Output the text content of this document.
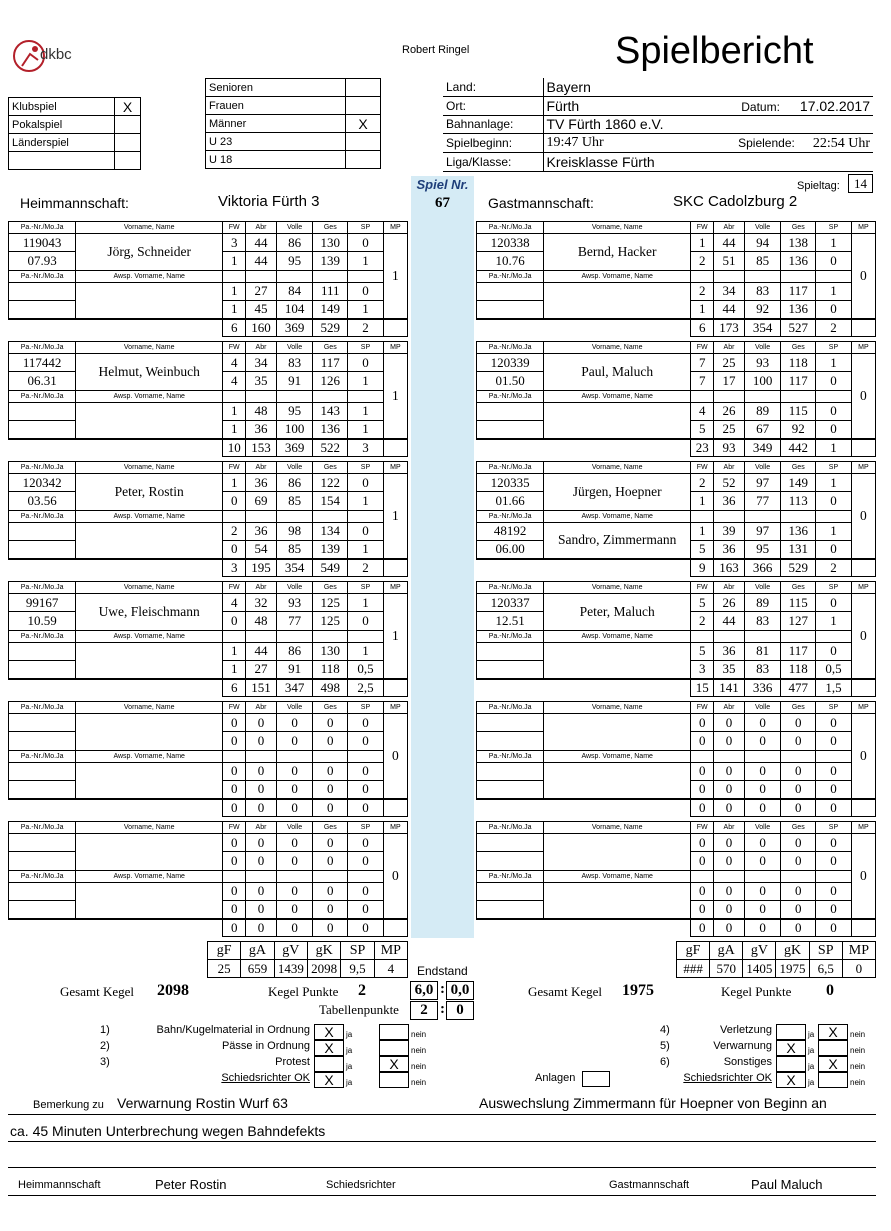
dkbc	Robert Ringel	Spielbericht
Klubspiel	X
Pokalspiel	
Länderspiel	

Senioren	
Frauen	
Männer	X
U 23	
U 18	
Land:	Bayern	
Ort:	Fürth	Datum: 17.02.2017
Bahnanlage:	TV Fürth 1860 e.V.	
Spielbeginn:	19:47 Uhr	Spielende: 22:54 Uhr
Liga/Klasse:	Kreisklasse Fürth	
Spiel Nr.
67
Heimmannschaft:	Viktoria Fürth 3	Gastmannschaft:	SKC Cadolzburg 2
Spieltag:	14
Pa.-Nr./Mo.Ja	Vorname, Name	FW	Abr	Volle	Ges	SP	MP
119043	Jörg, Schneider	3	44	86	130	0	1
07.93		1	44	95	139	1	
Pa.-Nr./Mo.Ja	Awsp. Vorname, Name						
		1	27	84	111	0	
		1	45	104	149	1	
		6	160	369	529	2	
Pa.-Nr./Mo.Ja	Vorname, Name	FW	Abr	Volle	Ges	SP	MP
117442	Helmut, Weinbuch	4	34	83	117	0	1
06.31		4	35	91	126	1	
Pa.-Nr./Mo.Ja	Awsp. Vorname, Name						
		1	48	95	143	1	
		1	36	100	136	1	
		10	153	369	522	3	
Pa.-Nr./Mo.Ja	Vorname, Name	FW	Abr	Volle	Ges	SP	MP
120342	Peter, Rostin	1	36	86	122	0	1
03.56		0	69	85	154	1	
Pa.-Nr./Mo.Ja	Awsp. Vorname, Name						
		2	36	98	134	0	
		0	54	85	139	1	
		3	195	354	549	2	
Pa.-Nr./Mo.Ja	Vorname, Name	FW	Abr	Volle	Ges	SP	MP
99167	Uwe, Fleischmann	4	32	93	125	1	1
10.59		0	48	77	125	0	
Pa.-Nr./Mo.Ja	Awsp. Vorname, Name						
		1	44	86	130	1	
		1	27	91	118	0,5	
		6	151	347	498	2,5	
Pa.-Nr./Mo.Ja	Vorname, Name	FW	Abr	Volle	Ges	SP	MP
		0	0	0	0	0	0
		0	0	0	0	0	
Pa.-Nr./Mo.Ja	Awsp. Vorname, Name						
		0	0	0	0	0	
		0	0	0	0	0	
		0	0	0	0	0	
Pa.-Nr./Mo.Ja	Vorname, Name	FW	Abr	Volle	Ges	SP	MP
		0	0	0	0	0	0
		0	0	0	0	0	
Pa.-Nr./Mo.Ja	Awsp. Vorname, Name						
		0	0	0	0	0	
		0	0	0	0	0	
		0	0	0	0	0	
Pa.-Nr./Mo.Ja	Vorname, Name	FW	Abr	Volle	Ges	SP	MP
120338	Bernd, Hacker	1	44	94	138	1	0
10.76		2	51	85	136	0	
Pa.-Nr./Mo.Ja	Awsp. Vorname, Name						
		2	34	83	117	1	
		1	44	92	136	0	
		6	173	354	527	2	
Pa.-Nr./Mo.Ja	Vorname, Name	FW	Abr	Volle	Ges	SP	MP
120339	Paul, Maluch	7	25	93	118	1	0
01.50		7	17	100	117	0	
Pa.-Nr./Mo.Ja	Awsp. Vorname, Name						
		4	26	89	115	0	
		5	25	67	92	0	
		23	93	349	442	1	
Pa.-Nr./Mo.Ja	Vorname, Name	FW	Abr	Volle	Ges	SP	MP
120335	Jürgen, Hoepner	2	52	97	149	1	0
01.66		1	36	77	113	0	
Pa.-Nr./Mo.Ja	Awsp. Vorname, Name						
48192	Sandro, Zimmermann	1	39	97	136	1	
06.00		5	36	95	131	0	
		9	163	366	529	2	
Pa.-Nr./Mo.Ja	Vorname, Name	FW	Abr	Volle	Ges	SP	MP
120337	Peter, Maluch	5	26	89	115	0	0
12.51		2	44	83	127	1	
Pa.-Nr./Mo.Ja	Awsp. Vorname, Name						
		5	36	81	117	0	
		3	35	83	118	0,5	
		15	141	336	477	1,5	
Pa.-Nr./Mo.Ja	Vorname, Name	FW	Abr	Volle	Ges	SP	MP
		0	0	0	0	0	0
		0	0	0	0	0	
Pa.-Nr./Mo.Ja	Awsp. Vorname, Name						
		0	0	0	0	0	
		0	0	0	0	0	
		0	0	0	0	0	
Pa.-Nr./Mo.Ja	Vorname, Name	FW	Abr	Volle	Ges	SP	MP
		0	0	0	0	0	0
		0	0	0	0	0	
Pa.-Nr./Mo.Ja	Awsp. Vorname, Name						
		0	0	0	0	0	
		0	0	0	0	0	
		0	0	0	0	0	
gF	gA	gV	gK	SP	MP
25	659	1439	2098	9,5	4
gF	gA	gV	gK	SP	MP
###	570	1405	1975	6,5	0
Endstand
Gesamt Kegel 2098	Kegel Punkte 2	6,0 : 0,0
Tabellenpunkte	2 : 0
Gesamt Kegel 1975	Kegel Punkte 0
1)	Bahn/Kugelmaterial in Ordnung	X	ja	nein
2)	Pässe in Ordnung	X	ja	nein
3)	Protest	ja	X	nein
Schiedsrichter OK	X	ja	nein
4)	Verletzung	ja	X	nein
5)	Verwarnung	X	ja	nein
6)	Sonstiges	ja	X	nein
Schiedsrichter OK	X	ja	nein
Anlagen
Bemerkung zu Verwarnung Rostin Wurf 63	Auswechslung Zimmermann für Hoepner von Beginn an
ca. 45 Minuten Unterbrechung wegen Bahndefekts
Heimmannschaft	Peter Rostin	Schiedsrichter	Gastmannschaft	Paul Maluch
